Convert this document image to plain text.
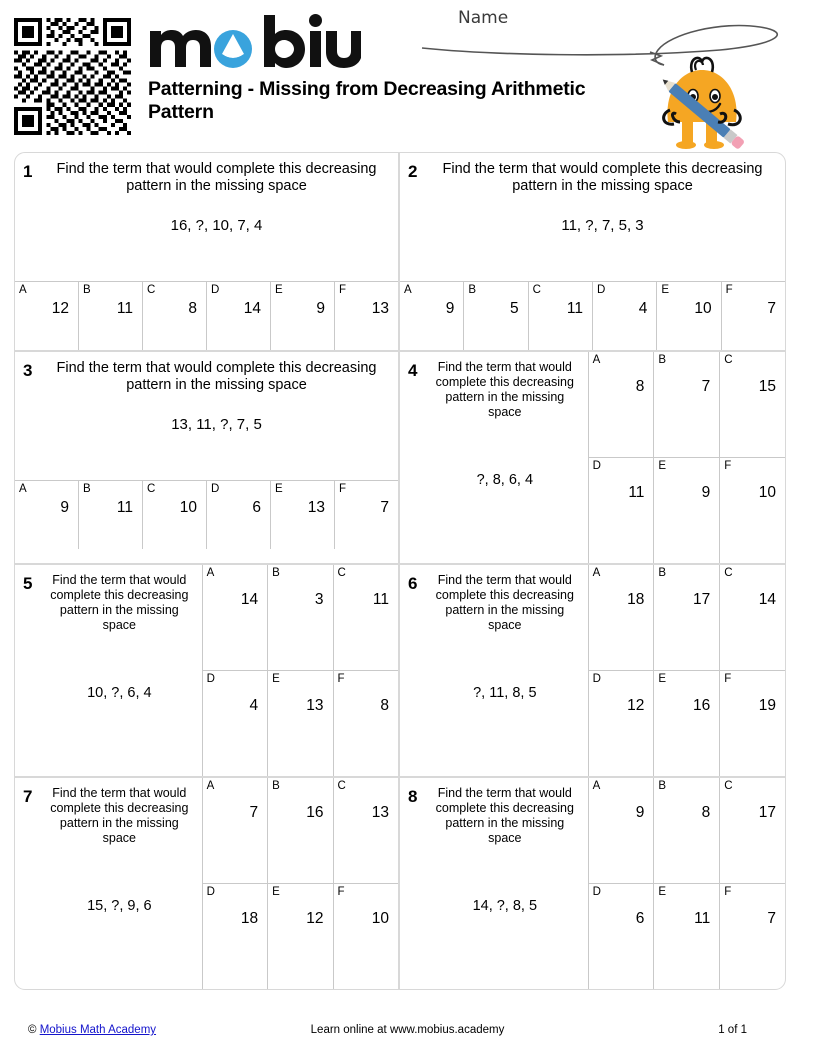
Patterning - Missing from Decreasing Arithmetic Pattern
Name
1	Find the term that would complete this decreasing pattern in the missing space
16, ?, 10, 7, 4
A
12
B
11
C
8
D
14
E
9
F
13
2	Find the term that would complete this decreasing pattern in the missing space
11, ?, 7, 5, 3
A
9
B
5
C
11
D
4
E
10
F
7
3	Find the term that would complete this decreasing pattern in the missing space
13, 11, ?, 7, 5
A
9
B
11
C
10
D
6
E
13
F
7
4	Find the term that would complete this decreasing pattern in the missing space
?, 8, 6, 4
A
8
B
7
C
15
D
11
E
9
F
10
5	Find the term that would complete this decreasing pattern in the missing space
10, ?, 6, 4
A
14
B
3
C
11
D
4
E
13
F
8
6	Find the term that would complete this decreasing pattern in the missing space
?, 11, 8, 5
A
18
B
17
C
14
D
12
E
16
F
19
7	Find the term that would complete this decreasing pattern in the missing space
15, ?, 9, 6
A
7
B
16
C
13
D
18
E
12
F
10
8	Find the term that would complete this decreasing pattern in the missing space
14, ?, 8, 5
A
9
B
8
C
17
D
6
E
11
F
7
© Mobius Math Academy	Learn online at www.mobius.academy	1 of 1
